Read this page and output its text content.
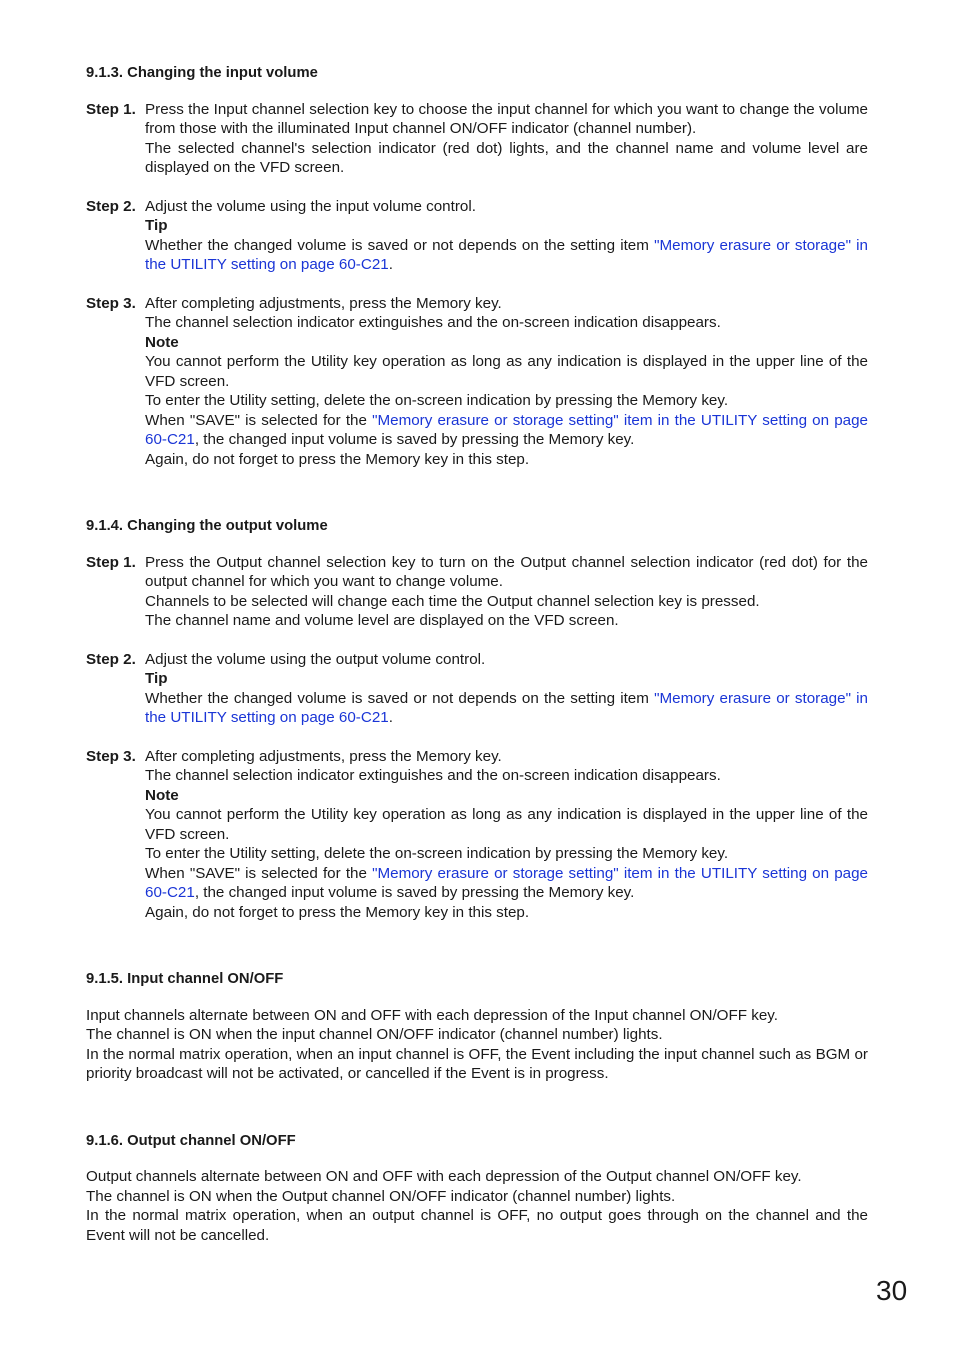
9.1.3. Changing the input volume
Step 1. Press the Input channel selection key to choose the input channel for which you want to change the volume from those with the illuminated Input channel ON/OFF indicator (channel number).

The selected channel's selection indicator (red dot) lights, and the channel name and volume level are displayed on the VFD screen.

Step 2. Adjust the volume using the input volume control.

Tip

Whether the changed volume is saved or not depends on the setting item "Memory erasure or storage" in the UTILITY setting on page 60-C21.

Step 3. After completing adjustments, press the Memory key.

The channel selection indicator extinguishes and the on-screen indication disappears.

Note

You cannot perform the Utility key operation as long as any indication is displayed in the upper line of the VFD screen.

To enter the Utility setting, delete the on-screen indication by pressing the Memory key.

When "SAVE" is selected for the "Memory erasure or storage setting" item in the UTILITY setting on page 60-C21, the changed input volume is saved by pressing the Memory key.

Again, do not forget to press the Memory key in this step.

9.1.4. Changing the output volume
Step 1. Press the Output channel selection key to turn on the Output channel selection indicator (red dot) for the output channel for which you want to change volume.

Channels to be selected will change each time the Output channel selection key is pressed.

The channel name and volume level are displayed on the VFD screen.

Step 2. Adjust the volume using the output volume control.

Tip

Whether the changed volume is saved or not depends on the setting item "Memory erasure or storage" in the UTILITY setting on page 60-C21.

Step 3. After completing adjustments, press the Memory key.

The channel selection indicator extinguishes and the on-screen indication disappears.

Note

You cannot perform the Utility key operation as long as any indication is displayed in the upper line of the VFD screen.

To enter the Utility setting, delete the on-screen indication by pressing the Memory key.

When "SAVE" is selected for the "Memory erasure or storage setting" item in the UTILITY setting on page 60-C21, the changed input volume is saved by pressing the Memory key.

Again, do not forget to press the Memory key in this step.

9.1.5. Input channel ON/OFF

Input channels alternate between ON and OFF with each depression of the Input channel ON/OFF key.

The channel is ON when the input channel ON/OFF indicator (channel number) lights.

In the normal matrix operation, when an input channel is OFF, the Event including the input channel such as BGM or priority broadcast will not be activated, or cancelled if the Event is in progress.

9.1.6. Output channel ON/OFF

Output channels alternate between ON and OFF with each depression of the Output channel ON/OFF key.

The channel is ON when the Output channel ON/OFF indicator (channel number) lights.

In the normal matrix operation, when an output channel is OFF, no output goes through on the channel and the Event will not be cancelled.

30
